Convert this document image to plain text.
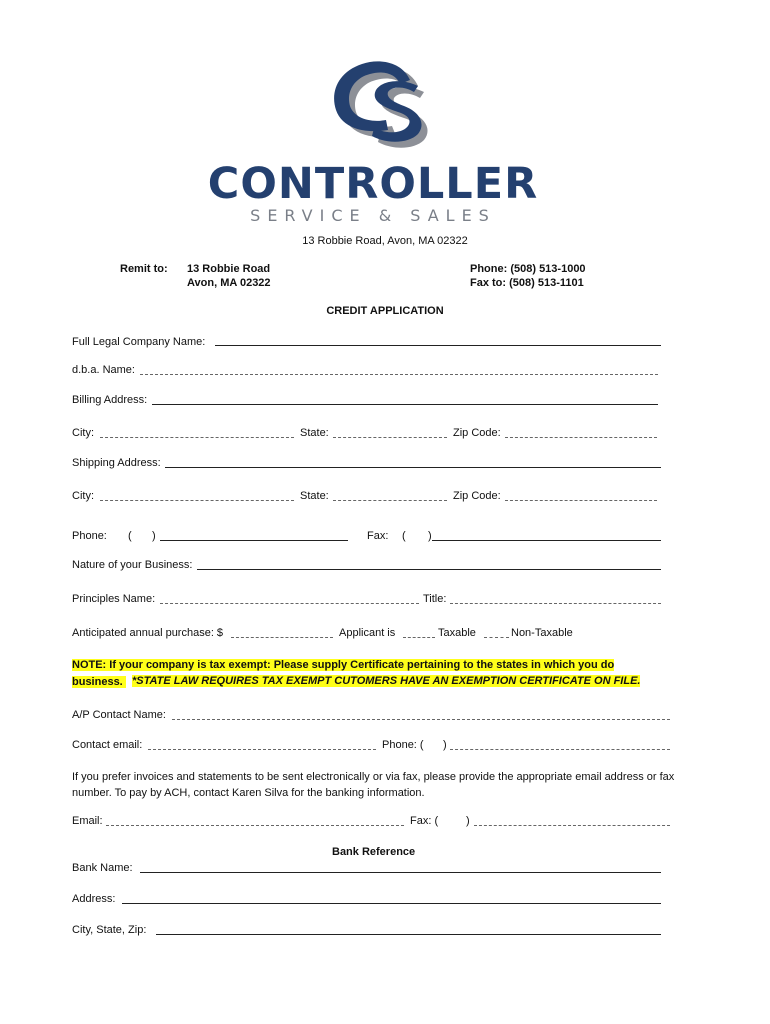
CONTROLLER
SERVICE & SALES
13 Robbie Road, Avon, MA 02322
Remit to: 13 Robbie Road
Avon, MA 02322
Phone: (508) 513-1000
Fax to: (508) 513-1101
CREDIT APPLICATION
Full Legal Company Name:
d.b.a. Name:
Billing Address:
City:	State:	Zip Code:
Shipping Address:
City:	State:	Zip Code:
Phone: ( )	Fax: ( )
Nature of your Business:
Principles Name:	Title:
Anticipated annual purchase: $	Applicant is	Taxable	Non-Taxable
NOTE: If your company is tax exempt: Please supply Certificate pertaining to the states in which you do
business. *STATE LAW REQUIRES TAX EXEMPT CUTOMERS HAVE AN EXEMPTION CERTIFICATE ON FILE.
A/P Contact Name:
Contact email:	Phone: ( )
If you prefer invoices and statements to be sent electronically or via fax, please provide the appropriate email address or fax number. To pay by ACH, contact Karen Silva for the banking information.
Email:	Fax: (	)
Bank Reference
Bank Name:
Address:
City, State, Zip:
